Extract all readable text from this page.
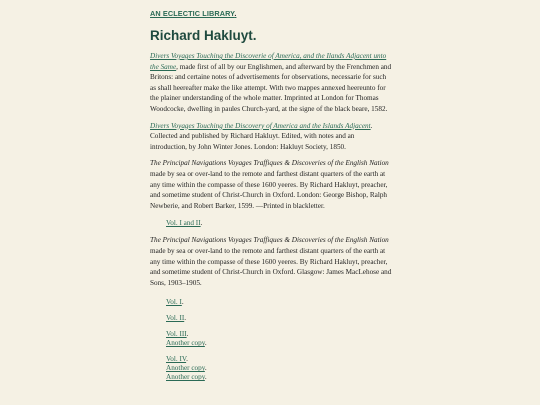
AN ECLECTIC LIBRARY.
Richard Hakluyt.

Divers Voyages Touching the Discoverie of America, and the Ilands Adjacent unto the Same, made first of all by our Englishmen, and afterward by the Frenchmen and Britons: and certaine notes of advertisements for observations, necessarie for such as shall heereafter make the like attempt. With two mappes annexed heereunto for the plainer understanding of the whole matter. Imprinted at London for Thomas Woodcocke, dwelling in paules Church-yard, at the signe of the black beare, 1582.

Divers Voyages Touching the Discovery of America and the Islands Adjacent. Collected and published by Richard Hakluyt. Edited, with notes and an introduction, by John Winter Jones. London: Hakluyt Society, 1850.

The Principal Navigations Voyages Traffiques & Discoveries of the English Nation made by sea or over-land to the remote and farthest distant quarters of the earth at any time within the compasse of these 1600 yeeres. By Richard Hakluyt, preacher, and sometime student of Christ-Church in Oxford. London: George Bishop, Ralph Newberie, and Robert Barker, 1599. —Printed in blackletter.

Vol. I and II.

The Principal Navigations Voyages Traffiques & Discoveries of the English Nation made by sea or over-land to the remote and farthest distant quarters of the earth at any time within the compasse of these 1600 yeeres. By Richard Hakluyt, preacher, and sometime student of Christ-Church in Oxford. Glasgow: James MacLehose and Sons, 1903–1905.

Vol. I.
Vol. II.
Vol. III.
Another copy.
Vol. IV.
Another copy.
Another copy.
